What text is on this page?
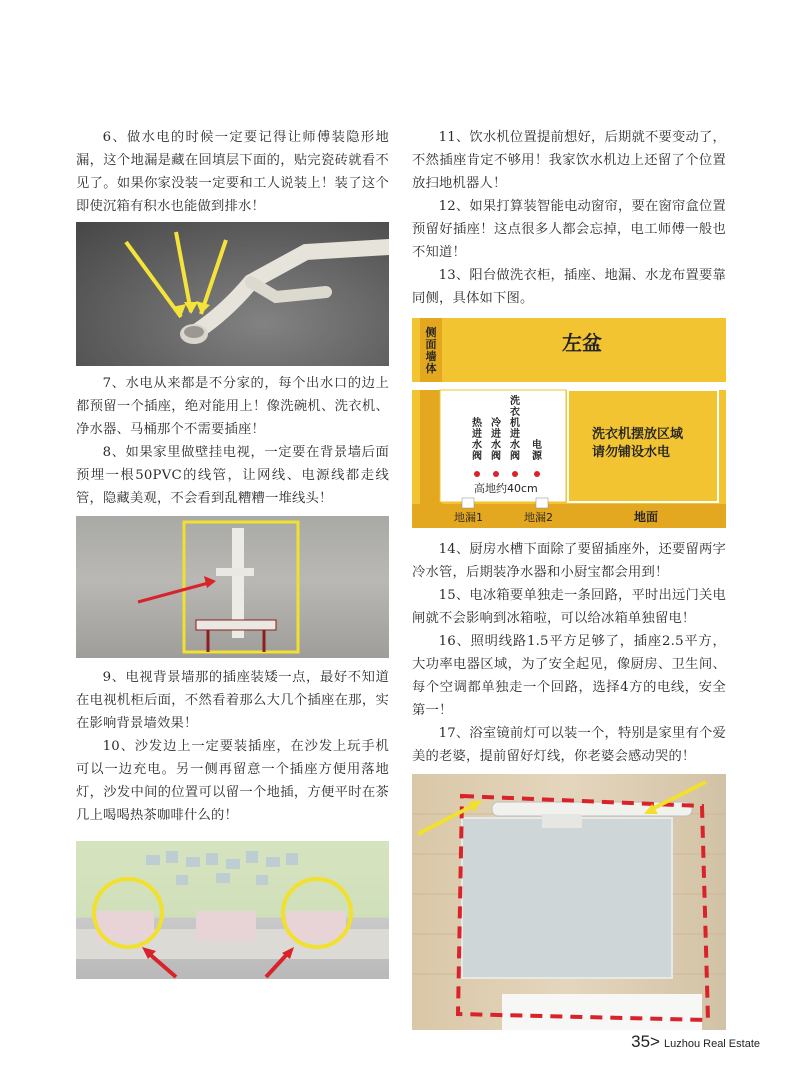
6、做水电的时候一定要记得让师傅装隐形地漏，这个地漏是藏在回填层下面的，贴完瓷砖就看不见了。如果你家没装一定要和工人说装上！装了这个即使沉箱有积水也能做到排水！

7、水电从来都是不分家的，每个出水口的边上都预留一个插座，绝对能用上！像洗碗机、洗衣机、净水器、马桶那个不需要插座！

8、如果家里做壁挂电视，一定要在背景墙后面预埋一根50PVC的线管，让网线、电源线都走线管，隐藏美观，不会看到乱糟糟一堆线头！

9、电视背景墙那的插座装矮一点，最好不知道在电视机柜后面，不然看着那么大几个插座在那，实在影响背景墙效果！

10、沙发边上一定要装插座，在沙发上玩手机可以一边充电。另一侧再留意一个插座方便用落地灯，沙发中间的位置可以留一个地插，方便平时在茶几上喝喝热茶咖啡什么的！

11、饮水机位置提前想好，后期就不要变动了，不然插座肯定不够用！我家饮水机边上还留了个位置放扫地机器人！

12、如果打算装智能电动窗帘，要在窗帘盒位置预留好插座！这点很多人都会忘掉，电工师傅一般也不知道！

13、阳台做洗衣柜，插座、地漏、水龙布置要靠同侧，具体如下图。

侧面墙体
左盆
洗衣机进水阀
热进水阀
冷进水阀
电源
高地约40cm
洗衣机摆放区域请勿铺设水电
地漏1	地漏2	地面

14、厨房水槽下面除了要留插座外，还要留两字冷水管，后期装净水器和小厨宝都会用到！

15、电冰箱要单独走一条回路，平时出远门关电闸就不会影响到冰箱啦，可以给冰箱单独留电！

16、照明线路1.5平方足够了，插座2.5平方，大功率电器区域，为了安全起见，像厨房、卫生间、每个空调都单独走一个回路，选择4方的电线，安全第一！

17、浴室镜前灯可以装一个，特别是家里有个爱美的老婆，提前留好灯线，你老婆会感动哭的！

35 > Luzhou Real Estate
